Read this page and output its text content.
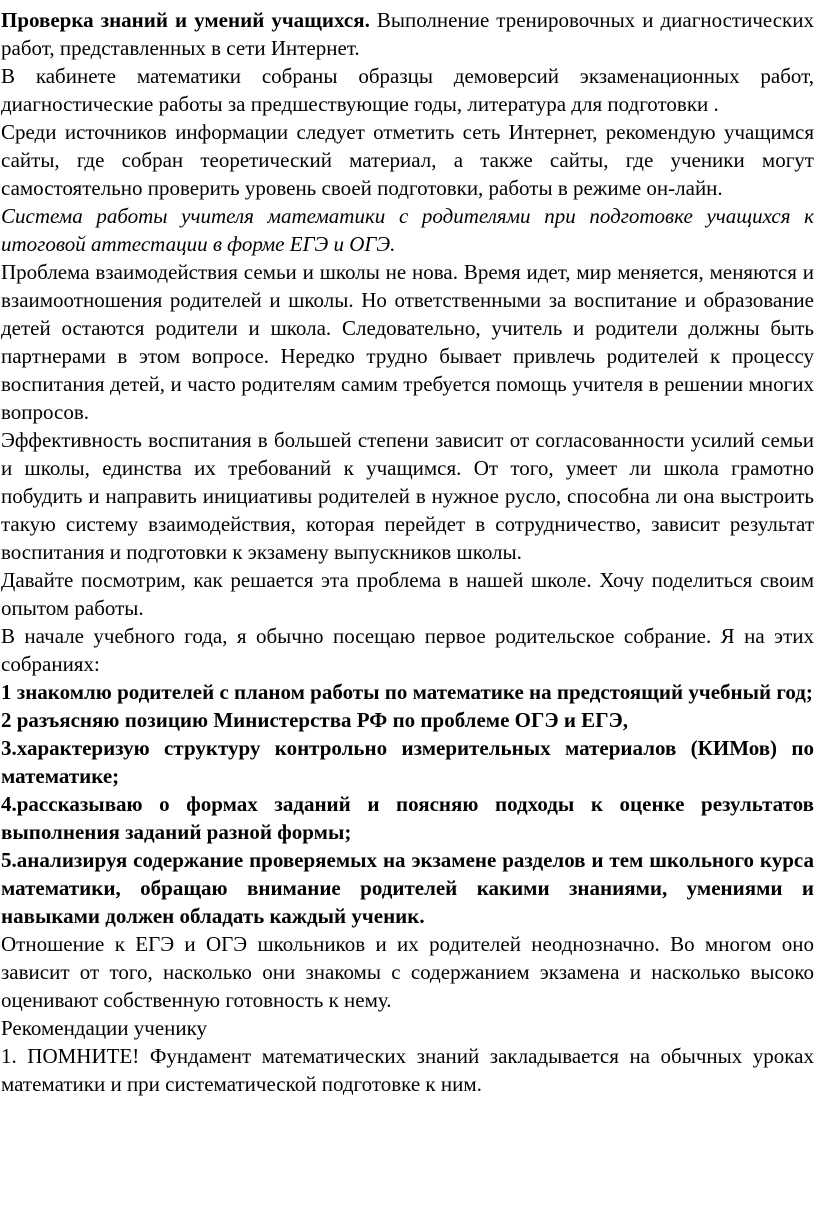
Проверка знаний и умений учащихся. Выполнение тренировочных и диагностических работ, представленных в сети Интернет.

В кабинете математики собраны образцы демоверсий экзаменационных работ, диагностические работы за предшествующие годы, литература для подготовки .

Среди источников информации следует отметить сеть Интернет, рекомендую учащимся сайты, где собран теоретический материал, а также сайты, где ученики могут самостоятельно проверить уровень своей подготовки, работы в режиме он-лайн.

Система работы учителя математики с родителями при подготовке учащихся к итоговой аттестации в форме ЕГЭ и ОГЭ.

Проблема взаимодействия семьи и школы не нова. Время идет, мир меняется, меняются и взаимоотношения родителей и школы. Но ответственными за воспитание и образование детей остаются родители и школа. Следовательно, учитель и родители должны быть партнерами в этом вопросе. Нередко трудно бывает привлечь родителей к процессу воспитания детей, и часто родителям самим требуется помощь учителя в решении многих вопросов.

Эффективность воспитания в большей степени зависит от согласованности усилий семьи и школы, единства их требований к учащимся. От того, умеет ли школа грамотно побудить и направить инициативы родителей в нужное русло, способна ли она выстроить такую систему взаимодействия, которая перейдет в сотрудничество, зависит результат воспитания и подготовки к экзамену выпускников школы.

Давайте посмотрим, как решается эта проблема в нашей школе. Хочу поделиться своим опытом работы.

В начале учебного года, я обычно посещаю первое родительское собрание. Я на этих собраниях:

1 знакомлю родителей с планом работы по математике на предстоящий учебный год;

2 разъясняю позицию Министерства РФ по проблеме ОГЭ и ЕГЭ,

3.характеризую структуру контрольно измерительных материалов (КИМов) по математике;

4.рассказываю о формах заданий и поясняю подходы к оценке результатов выполнения заданий разной формы;

5.анализируя содержание проверяемых на экзамене разделов и тем школьного курса математики, обращаю внимание родителей какими знаниями, умениями и навыками должен обладать каждый ученик.

Отношение к ЕГЭ и ОГЭ школьников и их родителей неоднозначно. Во многом оно зависит от того, насколько они знакомы с содержанием экзамена и насколько высоко оценивают собственную готовность к нему.

Рекомендации ученику

1. ПОМНИТЕ! Фундамент математических знаний закладывается на обычных уроках математики и при систематической подготовке к ним.
